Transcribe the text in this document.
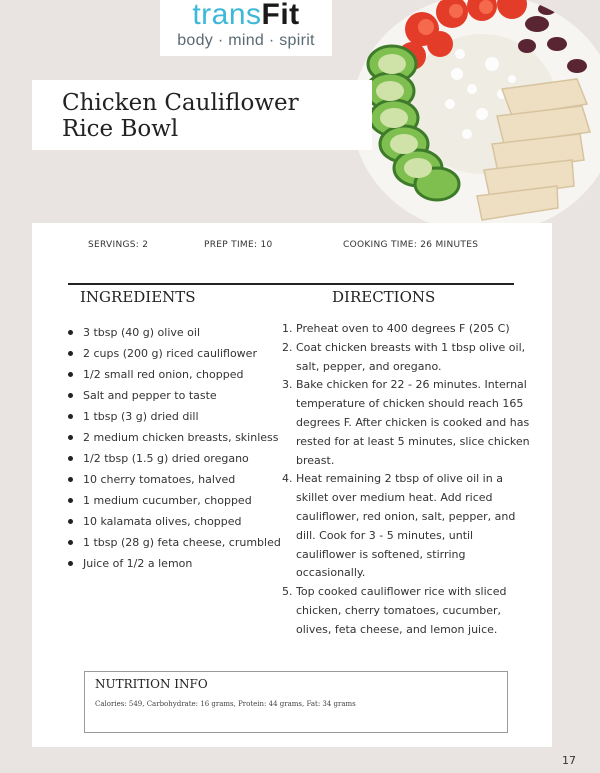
transFit
body · mind · spirit
Chicken Cauliflower
Rice Bowl
SERVINGS: 2	PREP TIME: 10	COOKING TIME: 26 MINUTES
INGREDIENTS	DIRECTIONS
3 tbsp (40 g) olive oil
2 cups (200 g) riced cauliflower
1/2 small red onion, chopped
Salt and pepper to taste
1 tbsp (3 g) dried dill
2 medium chicken breasts, skinless
1/2 tbsp (1.5 g) dried oregano
10 cherry tomatoes, halved
1 medium cucumber, chopped
10 kalamata olives, chopped
1 tbsp (28 g) feta cheese, crumbled
Juice of 1/2 a lemon
1. Preheat oven to 400 degrees F (205 C)
2. Coat chicken breasts with 1 tbsp olive oil, salt, pepper, and oregano.
3. Bake chicken for 22 - 26 minutes. Internal temperature of chicken should reach 165 degrees F. After chicken is cooked and has rested for at least 5 minutes, slice chicken breast.
4. Heat remaining 2 tbsp of olive oil in a skillet over medium heat. Add riced cauliflower, red onion, salt, pepper, and dill. Cook for 3 - 5 minutes, until cauliflower is softened, stirring occasionally.
5. Top cooked cauliflower rice with sliced chicken, cherry tomatoes, cucumber, olives, feta cheese, and lemon juice.
NUTRITION INFO
Calories: 549, Carbohydrate: 16 grams, Protein: 44 grams, Fat: 34 grams
17
